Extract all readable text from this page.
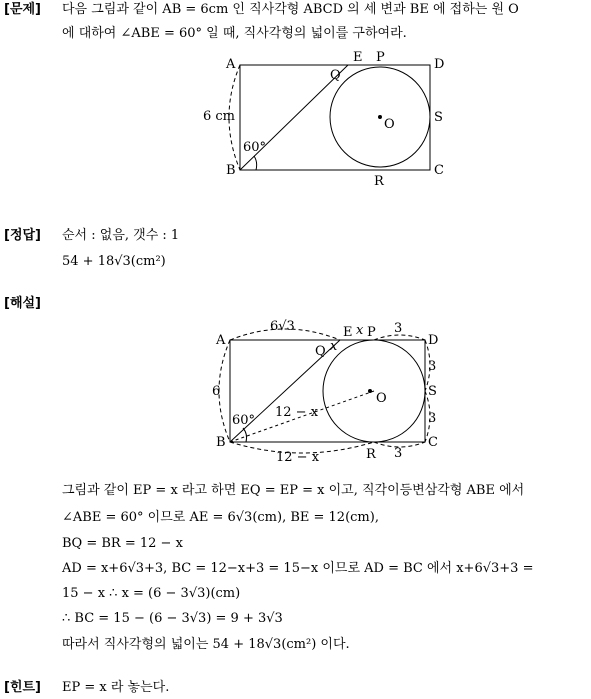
[문제] 다음 그림과 같이 AB = 6cm 인 직사각형 ABCD 의 세 변과 BE 에 접하는 원 O
에 대하여 ∠ABE = 60° 일 때, 직사각형의 넓이를 구하여라.
A
B	C
D
E P
Q
R
S
O
6 cm
60°
[정답] 순서 : 없음, 갯수 : 1
54 + 18√3(cm²)
[해설]
A
B	C
D
E P
Q
R
S
O
6√3	3
6
60°
12 − x
3
3
12 − x	3
x
x
그림과 같이 EP = x 라고 하면 EQ = EP = x 이고, 직각이등변삼각형 ABE 에서
∠ABE = 60° 이므로 AE = 6√3(cm), BE = 12(cm),
BQ = BR = 12 − x
AD = x+6√3+3, BC = 12−x+3 = 15−x 이므로 AD = BC 에서 x+6√3+3 =
15 − x ∴ x = (6 − 3√3)(cm)
∴ BC = 15 − (6 − 3√3) = 9 + 3√3
따라서 직사각형의 넓이는 54 + 18√3(cm²) 이다.
[힌트] EP = x 라 놓는다.
